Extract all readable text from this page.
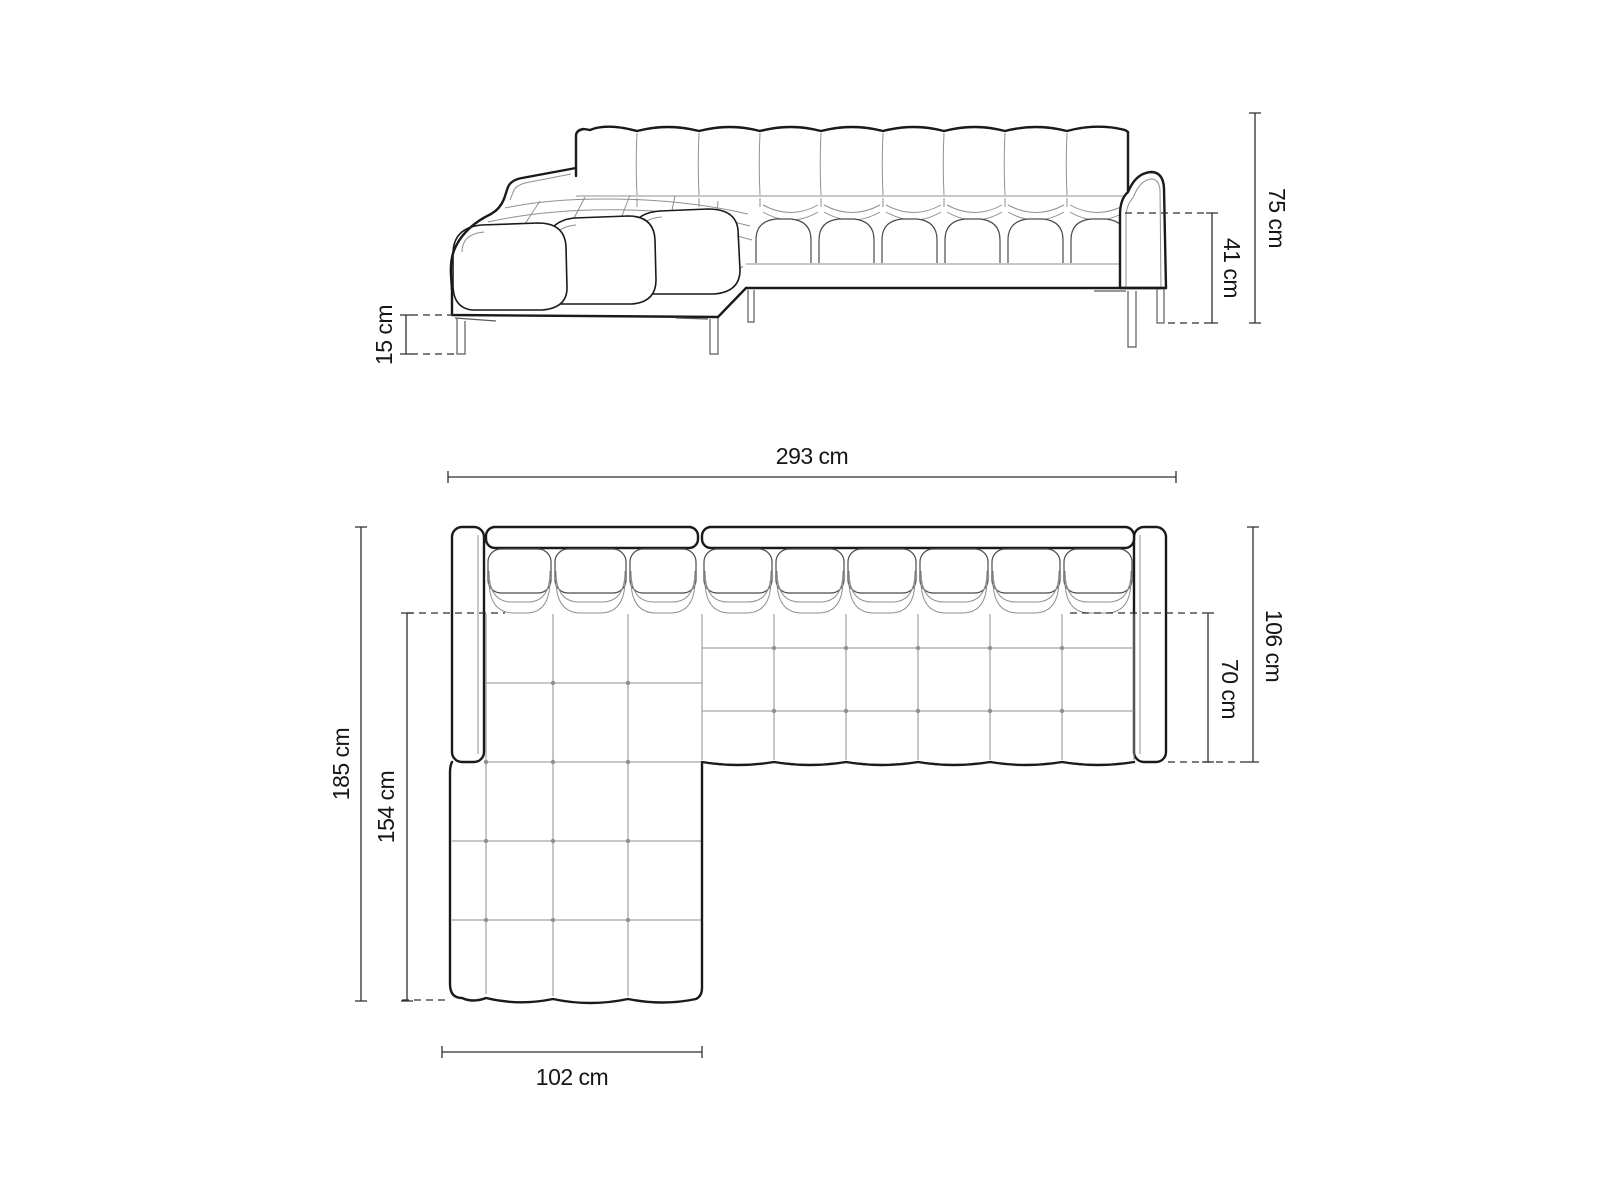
15 cm
41 cm
75 cm
293 cm
185 cm
154 cm
106 cm
70 cm
102 cm
